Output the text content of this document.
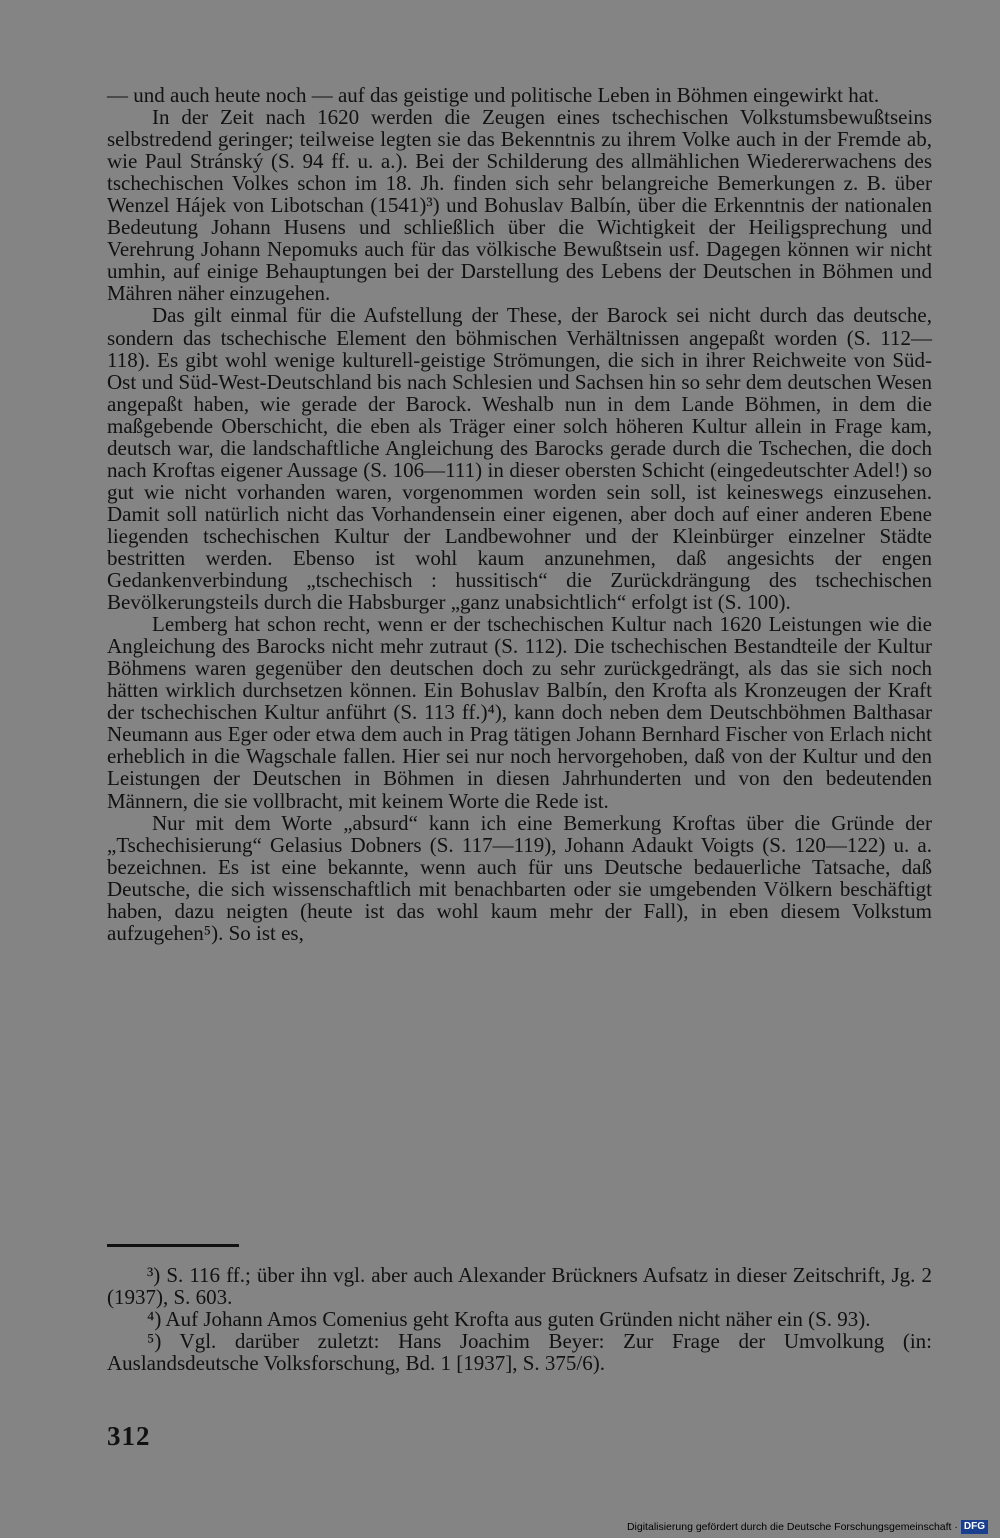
— und auch heute noch — auf das geistige und politische Leben in Böhmen eingewirkt hat.

In der Zeit nach 1620 werden die Zeugen eines tschechischen Volkstumsbewußtseins selbstredend geringer; teilweise legten sie das Bekenntnis zu ihrem Volke auch in der Fremde ab, wie Paul Stránský (S. 94 ff. u. a.). Bei der Schilderung des allmählichen Wiedererwachens des tschechischen Volkes schon im 18. Jh. finden sich sehr belangreiche Bemerkungen z. B. über Wenzel Hájek von Libotschan (1541)³) und Bohuslav Balbín, über die Erkenntnis der nationalen Bedeutung Johann Husens und schließlich über die Wichtigkeit der Heiligsprechung und Verehrung Johann Nepomuks auch für das völkische Bewußtsein usf. Dagegen können wir nicht umhin, auf einige Behauptungen bei der Darstellung des Lebens der Deutschen in Böhmen und Mähren näher einzugehen.

Das gilt einmal für die Aufstellung der These, der Barock sei nicht durch das deutsche, sondern das tschechische Element den böhmischen Verhältnissen angepaßt worden (S. 112—118). Es gibt wohl wenige kulturell-geistige Strömungen, die sich in ihrer Reichweite von Süd-Ost und Süd-West-Deutschland bis nach Schlesien und Sachsen hin so sehr dem deutschen Wesen angepaßt haben, wie gerade der Barock. Weshalb nun in dem Lande Böhmen, in dem die maßgebende Oberschicht, die eben als Träger einer solch höheren Kultur allein in Frage kam, deutsch war, die landschaftliche Angleichung des Barocks gerade durch die Tschechen, die doch nach Kroftas eigener Aussage (S. 106—111) in dieser obersten Schicht (eingedeutschter Adel!) so gut wie nicht vorhanden waren, vorgenommen worden sein soll, ist keineswegs einzusehen. Damit soll natürlich nicht das Vorhandensein einer eigenen, aber doch auf einer anderen Ebene liegenden tschechischen Kultur der Landbewohner und der Kleinbürger einzelner Städte bestritten werden. Ebenso ist wohl kaum anzunehmen, daß angesichts der engen Gedankenverbindung „tschechisch : hussitisch“ die Zurückdrängung des tschechischen Bevölkerungsteils durch die Habsburger „ganz unabsichtlich“ erfolgt ist (S. 100).

Lemberg hat schon recht, wenn er der tschechischen Kultur nach 1620 Leistungen wie die Angleichung des Barocks nicht mehr zutraut (S. 112). Die tschechischen Bestandteile der Kultur Böhmens waren gegenüber den deutschen doch zu sehr zurückgedrängt, als das sie sich noch hätten wirklich durchsetzen können. Ein Bohuslav Balbín, den Krofta als Kronzeugen der Kraft der tschechischen Kultur anführt (S. 113 ff.)⁴), kann doch neben dem Deutschböhmen Balthasar Neumann aus Eger oder etwa dem auch in Prag tätigen Johann Bernhard Fischer von Erlach nicht erheblich in die Wagschale fallen. Hier sei nur noch hervorgehoben, daß von der Kultur und den Leistungen der Deutschen in Böhmen in diesen Jahrhunderten und von den bedeutenden Männern, die sie vollbracht, mit keinem Worte die Rede ist.

Nur mit dem Worte „absurd“ kann ich eine Bemerkung Kroftas über die Gründe der „Tschechisierung“ Gelasius Dobners (S. 117—119), Johann Adaukt Voigts (S. 120—122) u. a. bezeichnen. Es ist eine bekannte, wenn auch für uns Deutsche bedauerliche Tatsache, daß Deutsche, die sich wissenschaftlich mit benachbarten oder sie umgebenden Völkern beschäftigt haben, dazu neigten (heute ist das wohl kaum mehr der Fall), in eben diesem Volkstum aufzugehen⁵). So ist es,

³) S. 116 ff.; über ihn vgl. aber auch Alexander Brückners Aufsatz in dieser Zeitschrift, Jg. 2 (1937), S. 603.

⁴) Auf Johann Amos Comenius geht Krofta aus guten Gründen nicht näher ein (S. 93).

⁵) Vgl. darüber zuletzt: Hans Joachim Beyer: Zur Frage der Umvolkung (in: Auslandsdeutsche Volksforschung, Bd. 1 [1937], S. 375/6).

312
Digitalisierung gefördert durch die Deutsche Forschungsgemeinschaft · DFG
